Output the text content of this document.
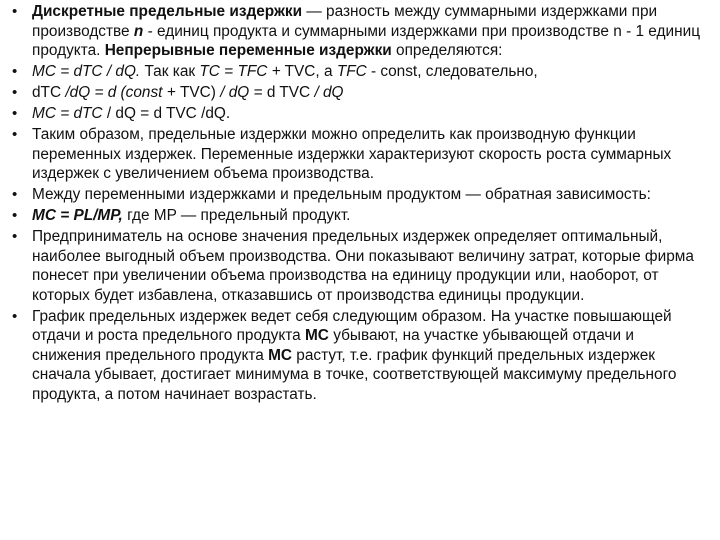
• Дискретные предельные издержки — разность между суммарными издержками при производстве n - единиц продукта и суммарными издержками при производстве n - 1 единиц продукта. Непрерывные переменные издержки определяются:
• MC = dTC / dQ. Так как TC = TFC + TVC, а TFC - const, следовательно,
• dTC /dQ = d (const + TVC) / dQ = d TVC / dQ
• MC = dTC / dQ = d TVC /dQ.
• Таким образом, предельные издержки можно определить как производную функции переменных издержек. Переменные издержки характеризуют скорость роста суммарных издержек с увеличением объема производства.
• Между переменными издержками и предельным продуктом — обратная зависимость:
• MC = PL/MP, где MP — предельный продукт.
• Предприниматель на основе значения предельных издержек определяет оптимальный, наиболее выгодный объем производства. Они показывают величину затрат, которые фирма понесет при увеличении объема производства на единицу продукции или, наоборот, от которых будет избавлена, отказавшись от производства единицы продукции.
• График предельных издержек ведет себя следующим образом. На участке повышающей отдачи и роста предельного продукта МС убывают, на участке убывающей отдачи и снижения предельного продукта МС растут, т.е. график функций предельных издержек сначала убывает, достигает минимума в точке, соответствующей максимуму предельного продукта, а потом начинает возрастать.
